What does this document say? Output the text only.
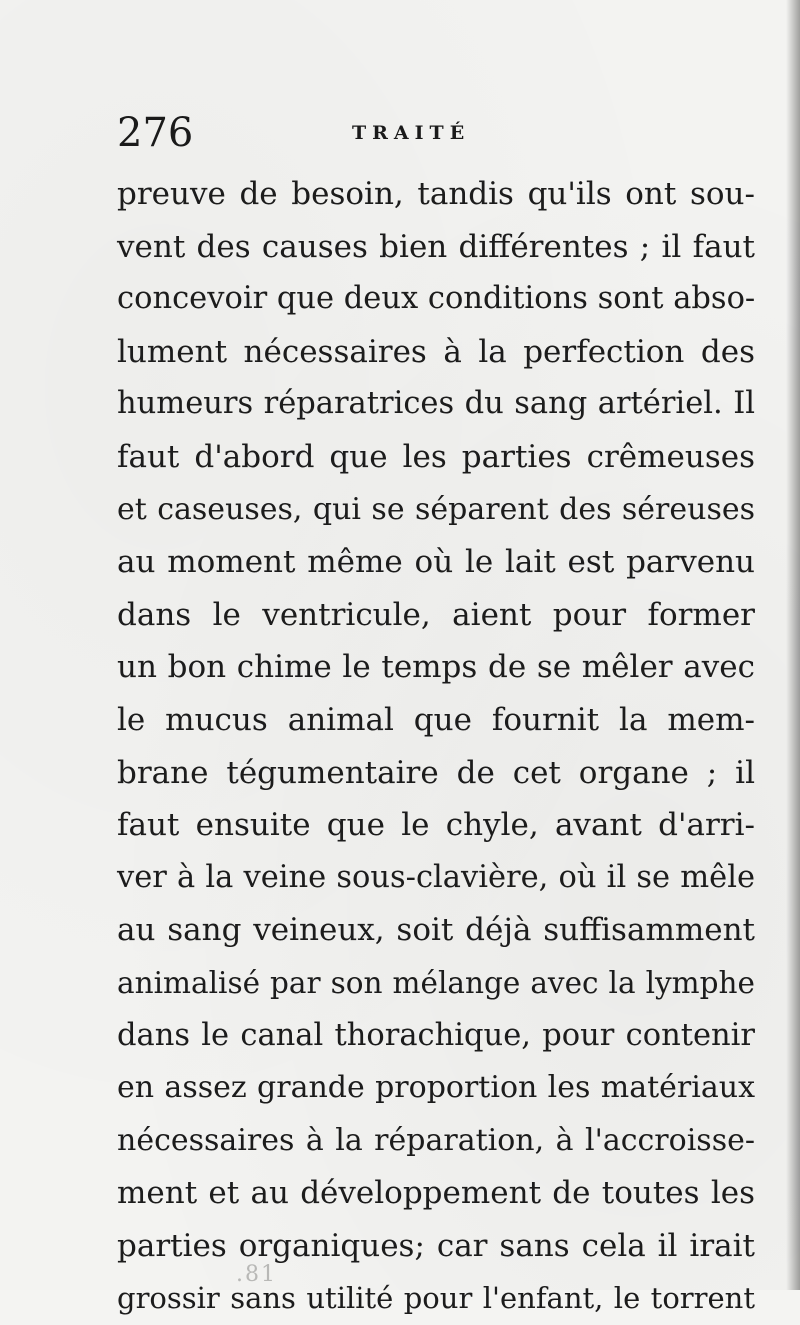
276	TRAITÉ
preuve de besoin, tandis qu'ils ont sou-
vent des causes bien différentes ; il faut
concevoir que deux conditions sont abso-
lument nécessaires à la perfection des
humeurs réparatrices du sang artériel. Il
faut d'abord que les parties crêmeuses
et caseuses, qui se séparent des séreuses
au moment même où le lait est parvenu
dans le ventricule, aient pour former
un bon chime le temps de se mêler avec
le mucus animal que fournit la mem-
brane tégumentaire de cet organe ; il
faut ensuite que le chyle, avant d'arri-
ver à la veine sous-clavière, où il se mêle
au sang veineux, soit déjà suffisamment
animalisé par son mélange avec la lymphe
dans le canal thorachique, pour contenir
en assez grande proportion les matériaux
nécessaires à la réparation, à l'accroisse-
ment et au développement de toutes les
parties organiques; car sans cela il irait
grossir sans utilité pour l'enfant, le torrent
.81
